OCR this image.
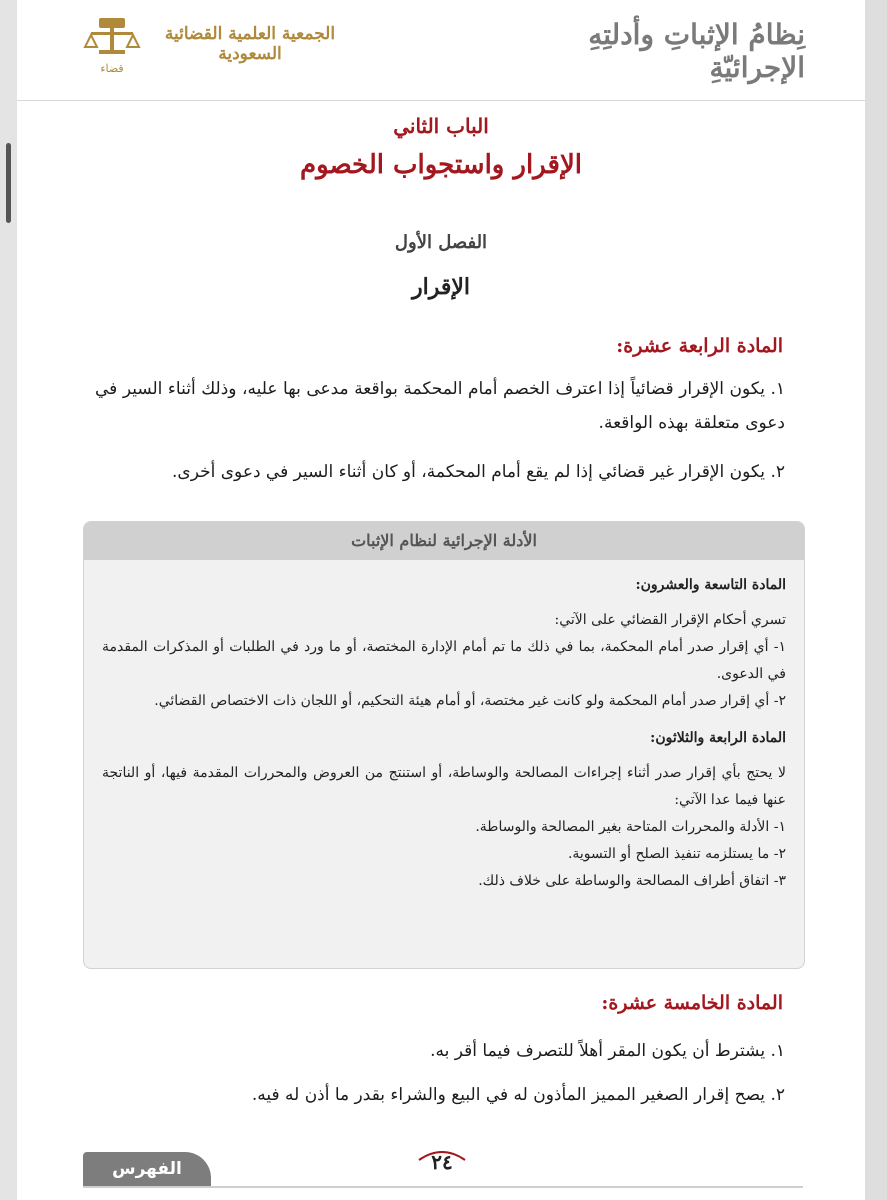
قضاء
الجمعية العلمية القضائية السعودية
نِظامُ الإثباتِ وأدلتِهِ الإجرائيّةِ
الباب الثاني
الإقرار واستجواب الخصوم
الفصل الأول
الإقرار
المادة الرابعة عشرة:
١. يكون الإقرار قضائياً إذا اعترف الخصم أمام المحكمة بواقعة مدعى بها عليه، وذلك أثناء السير في دعوى متعلقة بهذه الواقعة.
٢. يكون الإقرار غير قضائي إذا لم يقع أمام المحكمة، أو كان أثناء السير في دعوى أخرى.
الأدلة الإجرائية لنظام الإثبات
المادة التاسعة والعشرون:

تسري أحكام الإقرار القضائي على الآتي:

١- أي إقرار صدر أمام المحكمة، بما في ذلك ما تم أمام الإدارة المختصة، أو ما ورد في الطلبات أو المذكرات المقدمة في الدعوى.

٢- أي إقرار صدر أمام المحكمة ولو كانت غير مختصة، أو أمام هيئة التحكيم، أو اللجان ذات الاختصاص القضائي.

المادة الرابعة والثلاثون:

لا يحتج بأي إقرار صدر أثناء إجراءات المصالحة والوساطة، أو استنتج من العروض والمحررات المقدمة فيها، أو الناتجة عنها فيما عدا الآتي:

١- الأدلة والمحررات المتاحة بغير المصالحة والوساطة.

٢- ما يستلزمه تنفيذ الصلح أو التسوية.

٣- اتفاق أطراف المصالحة والوساطة على خلاف ذلك.

المادة الخامسة عشرة:
١. يشترط أن يكون المقر أهلاً للتصرف فيما أقر به.
٢. يصح إقرار الصغير المميز المأذون له في البيع والشراء بقدر ما أذن له فيه.
الفهرس	٢٤
